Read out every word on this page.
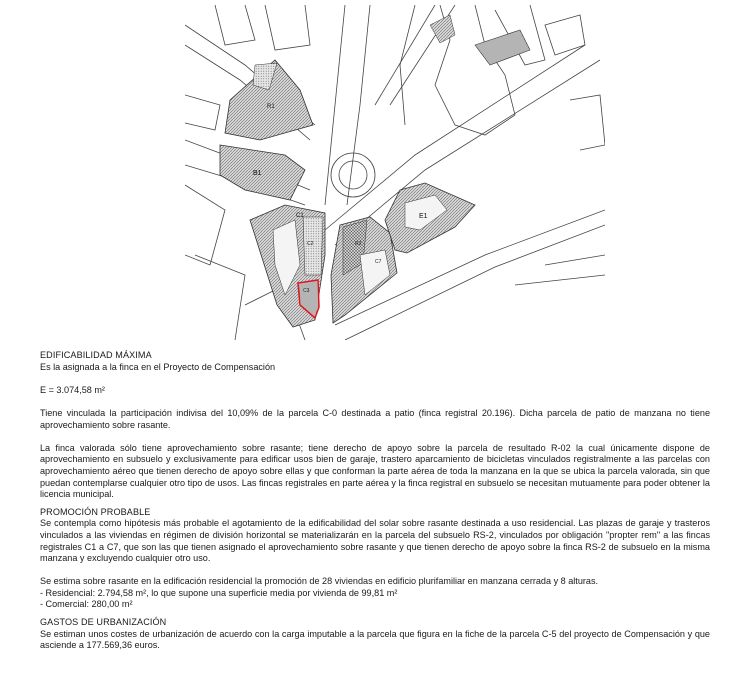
R1
B1
C1	E1
C2
C3
C7
R2

EDIFICABILIDAD MÁXIMA

Es la asignada a la finca en el Proyecto de Compensación

E = 3.074,58 m²

Tiene vinculada la participación indivisa del 10,09% de la parcela C-0 destinada a patio (finca registral 20.196). Dicha parcela de patio de manzana no tiene aprovechamiento sobre rasante.

La finca valorada sólo tiene aprovechamiento sobre rasante; tiene derecho de apoyo sobre la parcela de resultado R-02 la cual únicamente dispone de aprovechamiento en subsuelo y exclusivamente para edificar usos bien de garaje, trastero aparcamiento de bicicletas vinculados registralmente a las parcelas con aprovechamiento aéreo que tienen derecho de apoyo sobre ellas y que conforman la parte aérea de toda la manzana en la que se ubica la parcela valorada, sin que puedan contemplarse cualquier otro tipo de usos. Las fincas registrales en parte aérea y la finca registral en subsuelo se necesitan mutuamente para poder obtener la licencia municipal.

PROMOCIÓN PROBABLE

Se contempla como hipótesis más probable el agotamiento de la edificabilidad del solar sobre rasante destinada a uso residencial. Las plazas de garaje y trasteros vinculados a las viviendas en régimen de división horizontal se materializarán en la parcela del subsuelo RS-2, vinculados por obligación "propter rem" a las fincas registrales C1 a C7, que son las que tienen asignado el aprovechamiento sobre rasante y que tienen derecho de apoyo sobre la finca RS-2 de subsuelo en la misma manzana y excluyendo cualquier otro uso.

Se estima sobre rasante en la edificación residencial la promoción de 28 viviendas en edificio plurifamiliar en manzana cerrada y 8 alturas.

- Residencial: 2.794,58 m², lo que supone una superficie media por vivienda de 99,81 m²

- Comercial: 280,00 m²

GASTOS DE URBANIZACIÓN

Se estiman unos costes de urbanización de acuerdo con la carga imputable a la parcela que figura en la fiche de la parcela C-5 del proyecto de Compensación y que asciende a 177.569,36 euros.
